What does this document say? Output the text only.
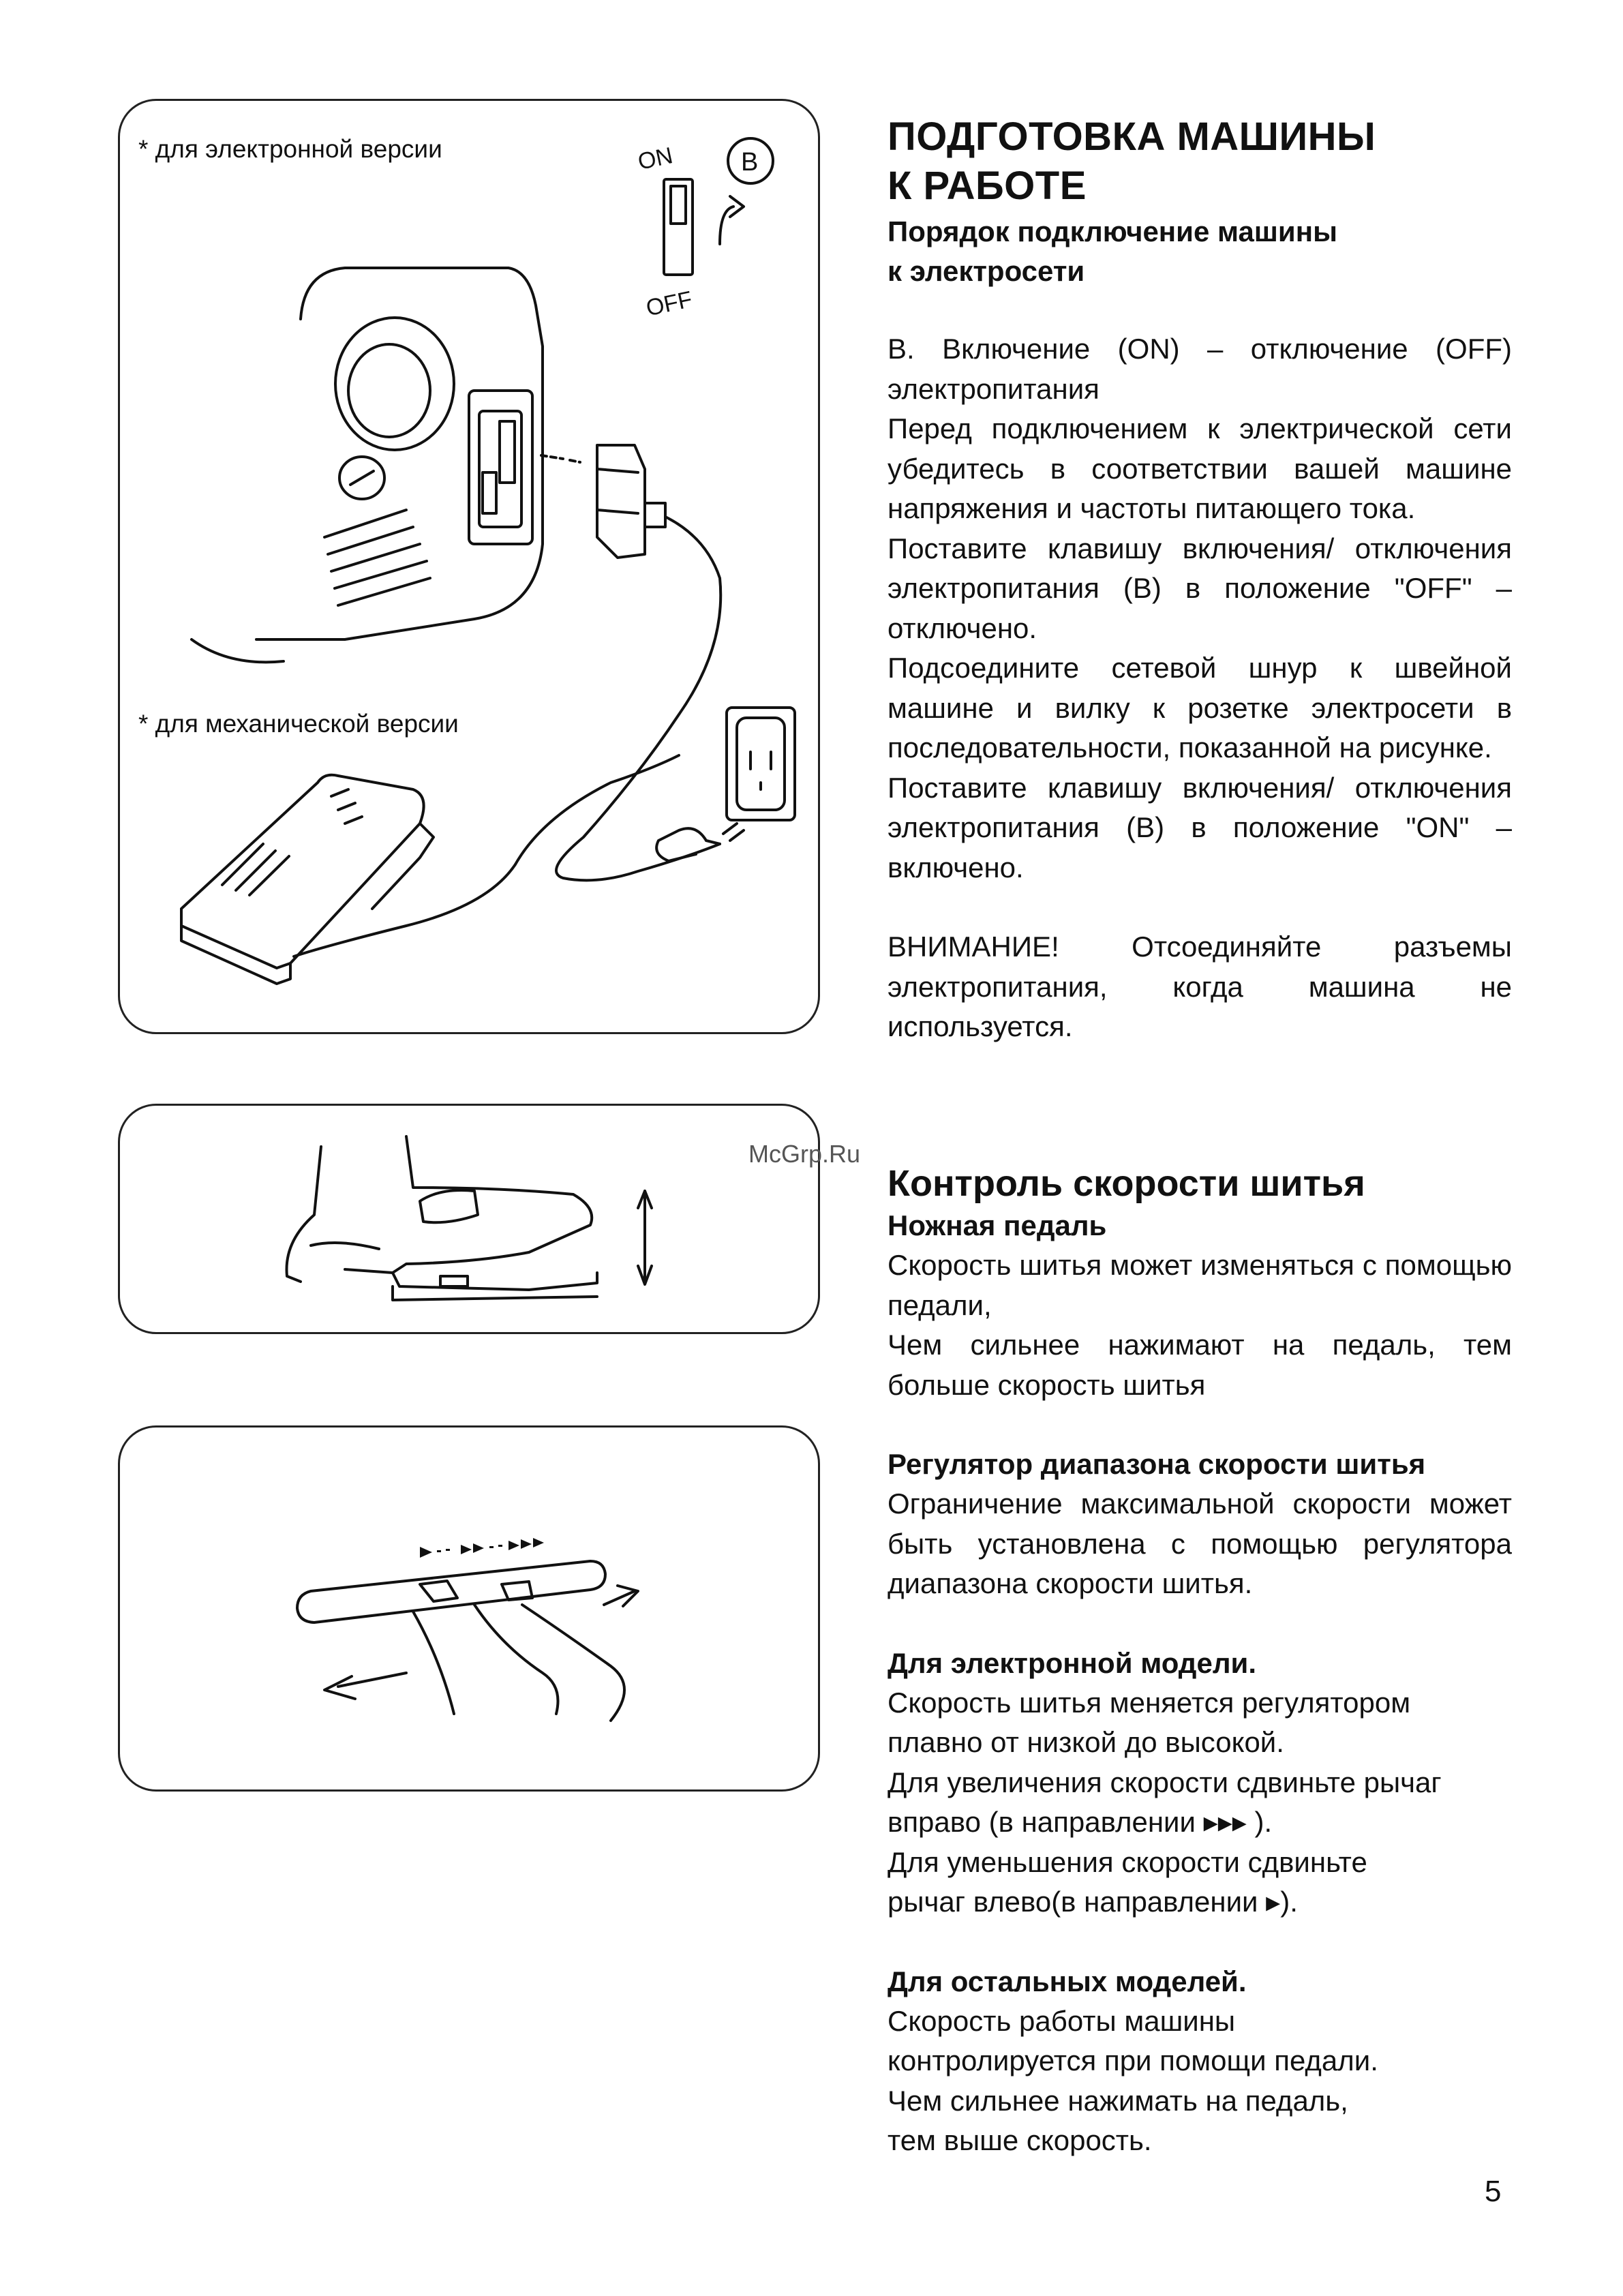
* для электронной версии
* для механической версии
ON
OFF
B
ПОДГОТОВКА МАШИНЫ
К РАБОТЕ

Порядок подключение машины

к электросети

B. Включение (ON) – отключение (OFF) электропитания

Перед подключением к электрической сети убедитесь в соответствии вашей машине напряжения и частоты питающего тока.

Поставите клавишу включения/ отключения электропитания (B) в положение "OFF" – отключено.

Подсоедините сетевой шнур к швейной машине и вилку к розетке электросети в последовательности, показанной на рисунке.

Поставите клавишу включения/ отключения электропитания (B) в положение "ON" – включено.

ВНИМАНИЕ! Отсоединяйте разъемы электропитания, когда машина не используется.

McGrp.Ru
Контроль скорости шитья

Ножная педаль

Скорость шитья может изменяться с помощью педали,

Чем сильнее нажимают на педаль, тем больше скорость шитья

Регулятор диапазона скорости шитья

Ограничение максимальной скорости может быть установлена с помощью регулятора диапазона скорости шитья.

Для электронной модели.

Скорость шитья меняется регулятором

плавно от низкой до высокой.

Для увеличения скорости сдвиньте рычаг

вправо (в направлении ▸▸▸ ).

Для уменьшения скорости сдвиньте

рычаг влево(в направлении ▸).

Для остальных моделей.

Скорость работы машины

контролируется при помощи педали.

Чем сильнее нажимать на педаль,

тем выше скорость.

5
